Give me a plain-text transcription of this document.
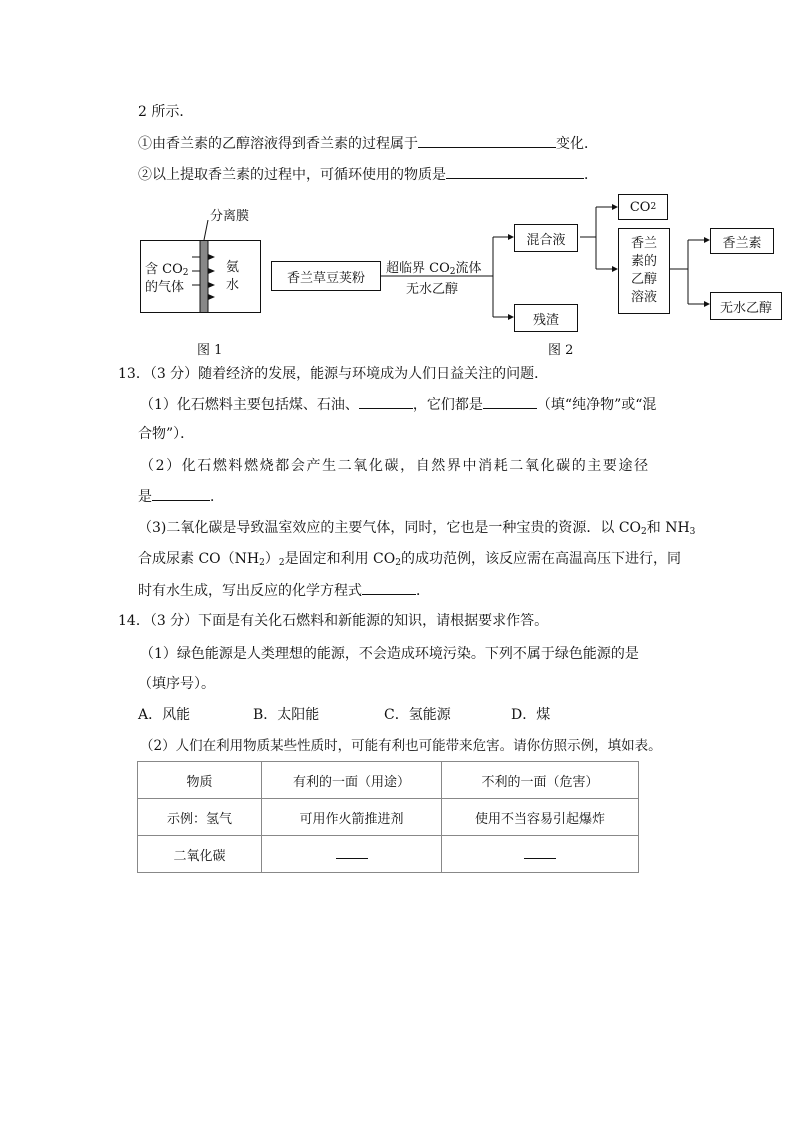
2 所示．
①由香兰素的乙醇溶液得到香兰素的过程属于	变化．
②以上提取香兰素的过程中，可循环使用的物质是	．
分离膜
含 $CO_2$
的气体
氨
水
图 1
香兰草豆荚粉
超临界 $CO_2$流体
无水乙醇
混合液
残渣
CO 2
香兰
素的
乙醇
溶液
香兰素
无水乙醇
图 2
13．（3 分）随着经济的发展，能源与环境成为人们日益关注的问题．
（1）化石燃料主要包括煤、石油、	，它们都是	（填“纯净物”或“混
合物”）．
（2）化石燃料燃烧都会产生二氧化碳，自然界中消耗二氧化碳的主要途径
是	．
（3)二氧化碳是导致温室效应的主要气体，同时，它也是一种宝贵的资源．以 $CO_2$和 $NH_3$
合成尿素 $CO(NH_2)_2$是固定和利用 $CO_2$的成功范例，该反应需在高温高压下进行，同
时有水生成，写出反应的化学方程式	．
14．（3 分）下面是有关化石燃料和新能源的知识，请根据要求作答。
（1）绿色能源是人类理想的能源，不会造成环境污染。下列不属于绿色能源的是
（填序号）。
A．风能	B．太阳能	C．氢能源	D．煤
（2）人们在利用物质某些性质时，可能有利也可能带来危害。请你仿照示例，填如表。
物质	有利的一面（用途）	不利的一面（危害）
示例：氢气	可用作火箭推进剂	使用不当容易引起爆炸
二氧化碳		
